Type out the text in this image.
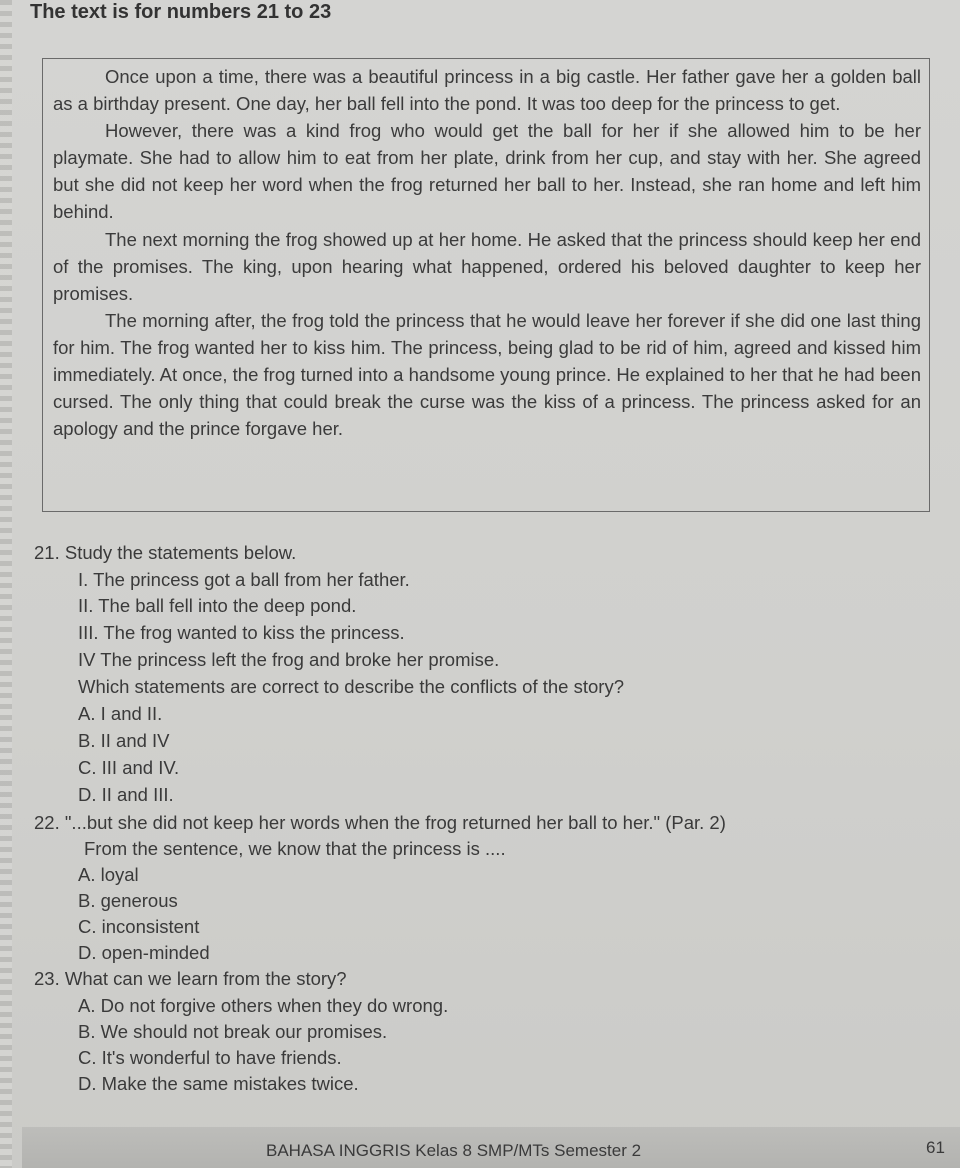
The text is for numbers 21 to 23

Once upon a time, there was a beautiful princess in a big castle. Her father gave her a golden ball as a birthday present. One day, her ball fell into the pond. It was too deep for the princess to get.

However, there was a kind frog who would get the ball for her if she allowed him to be her playmate. She had to allow him to eat from her plate, drink from her cup, and stay with her. She agreed but she did not keep her word when the frog returned her ball to her. Instead, she ran home and left him behind.

The next morning the frog showed up at her home. He asked that the princess should keep her end of the promises. The king, upon hearing what happened, ordered his beloved daughter to keep her promises.

The morning after, the frog told the princess that he would leave her forever if she did one last thing for him. The frog wanted her to kiss him. The princess, being glad to be rid of him, agreed and kissed him immediately. At once, the frog turned into a handsome young prince. He explained to her that he had been cursed. The only thing that could break the curse was the kiss of a princess. The princess asked for an apology and the prince forgave her.

21. Study the statements below.
I. The princess got a ball from her father.
II. The ball fell into the deep pond.
III. The frog wanted to kiss the princess.
IV The princess left the frog and broke her promise.
Which statements are correct to describe the conflicts of the story?
A. I and II.
B. II and IV
C. III and IV.
D. II and III.
22. "...but she did not keep her words when the frog returned her ball to her." (Par. 2)
From the sentence, we know that the princess is ....
A. loyal
B. generous
C. inconsistent
D. open-minded
23. What can we learn from the story?
A. Do not forgive others when they do wrong.
B. We should not break our promises.
C. It's wonderful to have friends.
D. Make the same mistakes twice.
BAHASA INGGRIS Kelas 8 SMP/MTs Semester 2	61
